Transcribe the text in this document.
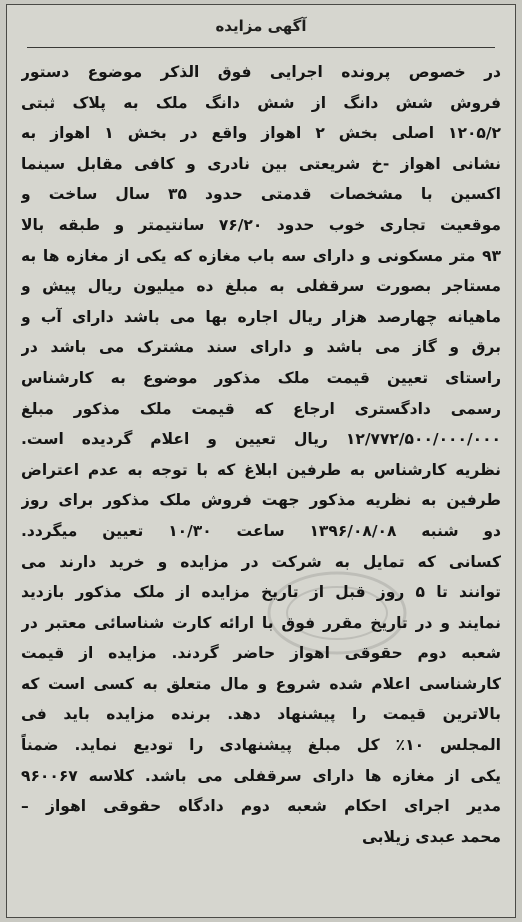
آگهی مزایده
در خصوص پرونده اجرایی فوق الذکر موضوع دستور
فروش شش دانگ از شش دانگ ملک به پلاک ثبتی
۱۲۰۵/۲ اصلی بخش ۲ اهواز واقع در بخش ۱ اهواز به
نشانی اهواز -خ شریعتی بین نادری و کافی مقابل سینما
اکسین با مشخصات قدمتی حدود ۳۵ سال ساخت و
موقعیت تجاری خوب حدود ۷۶/۲۰ سانتیمتر و طبقه بالا
۹۳ متر مسکونی و دارای سه باب مغازه که یکی از مغازه ها به
مستاجر بصورت سرقفلی به مبلغ ده میلیون ریال پیش و
ماهیانه چهارصد هزار ریال اجاره بها می باشد دارای آب و
برق و گاز می باشد و دارای سند مشترک می باشد در
راستای تعیین قیمت ملک مذکور موضوع به کارشناس
رسمی دادگستری ارجاع که قیمت ملک مذکور مبلغ
۱۲/۷۷۲/۵۰۰/۰۰۰/۰۰۰ ریال تعیین و اعلام گردیده است.
نظریه کارشناس به طرفین ابلاغ که با توجه به عدم اعتراض
طرفین به نظریه مذکور جهت فروش ملک مذکور برای روز
دو شنبه ۱۳۹۶/۰۸/۰۸ ساعت ۱۰/۳۰ تعیین میگردد.
کسانی که تمایل به شرکت در مزایده و خرید دارند می
توانند تا ۵ روز قبل از تاریخ مزایده از ملک مذکور بازدید
نمایند و در تاریخ مقرر فوق با ارائه کارت شناسائی معتبر در
شعبه دوم حقوقی اهواز حاضر گردند. مزایده از قیمت
کارشناسی اعلام شده شروع و مال متعلق به کسی است که
بالاترین قیمت را پیشنهاد دهد. برنده مزایده باید فی
المجلس ۱۰٪ کل مبلغ پیشنهادی را تودیع نماید. ضمناً
یکی از مغازه ها دارای سرقفلی می باشد. کلاسه ۹۶۰۰۶۷
مدیر اجرای احکام شعبه دوم دادگاه حقوقی اهواز –
محمد عبدی زیلابی
